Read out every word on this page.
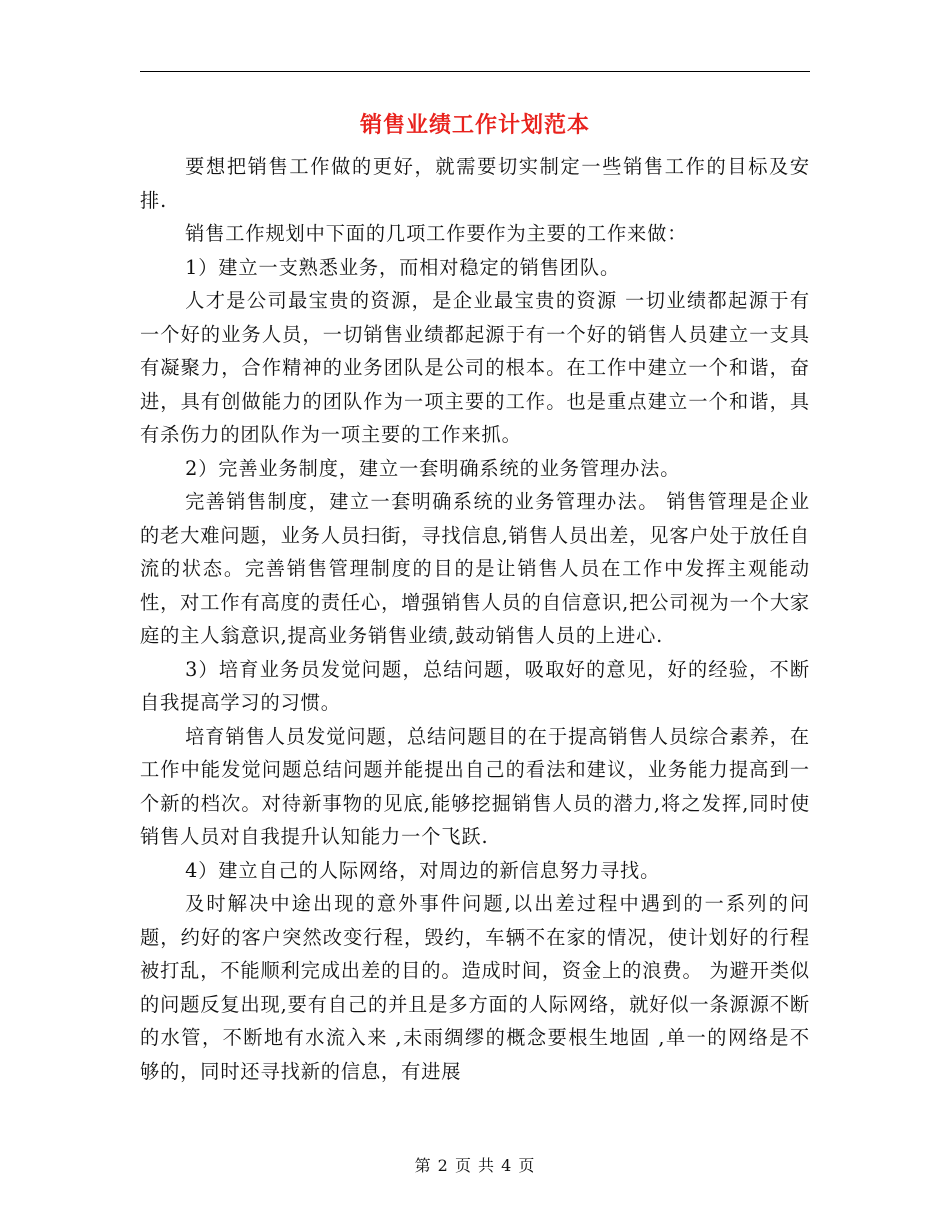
销售业绩工作计划范本

要想把销售工作做的更好，就需要切实制定一些销售工作的目标及安排.

销售工作规划中下面的几项工作要作为主要的工作来做：

1）建立一支熟悉业务，而相对稳定的销售团队。

人才是公司最宝贵的资源，是企业最宝贵的资源 一切业绩都起源于有一个好的业务人员，一切销售业绩都起源于有一个好的销售人员建立一支具有凝聚力，合作精神的业务团队是公司的根本。在工作中建立一个和谐，奋进，具有创做能力的团队作为一项主要的工作。也是重点建立一个和谐，具有杀伤力的团队作为一项主要的工作来抓。

2）完善业务制度，建立一套明确系统的业务管理办法。

完善销售制度，建立一套明确系统的业务管理办法。 销售管理是企业的老大难问题，业务人员扫街，寻找信息,销售人员出差，见客户处于放任自流的状态。完善销售管理制度的目的是让销售人员在工作中发挥主观能动性，对工作有高度的责任心，增强销售人员的自信意识,把公司视为一个大家庭的主人翁意识,提高业务销售业绩,鼓动销售人员的上进心.

3）培育业务员发觉问题，总结问题，吸取好的意见，好的经验，不断自我提高学习的习惯。

培育销售人员发觉问题，总结问题目的在于提高销售人员综合素养，在工作中能发觉问题总结问题并能提出自己的看法和建议，业务能力提高到一个新的档次。对待新事物的见底,能够挖掘销售人员的潜力,将之发挥,同时使销售人员对自我提升认知能力一个飞跃.

4）建立自己的人际网络，对周边的新信息努力寻找。

及时解决中途出现的意外事件问题,以出差过程中遇到的一系列的问题，约好的客户突然改变行程，毁约，车辆不在家的情况，使计划好的行程被打乱，不能顺利完成出差的目的。造成时间，资金上的浪费。 为避开类似的问题反复出现,要有自己的并且是多方面的人际网络，就好似一条源源不断的水管，不断地有水流入来 ,未雨绸缪的概念要根生地固 ,单一的网络是不够的，同时还寻找新的信息，有进展

第 2 页 共 4 页
